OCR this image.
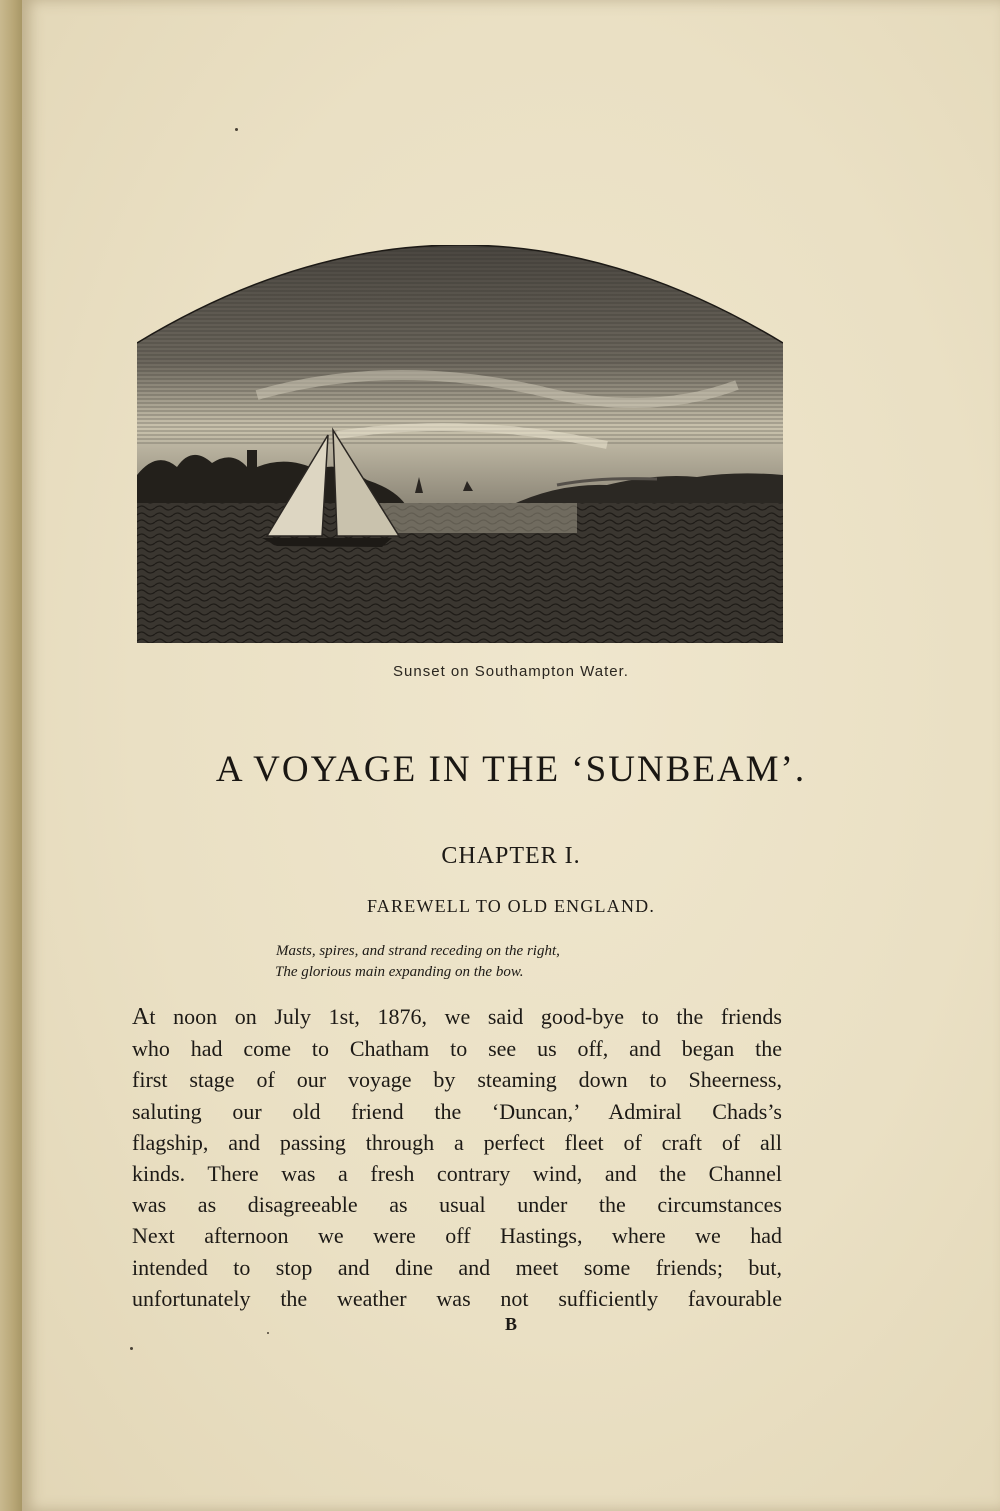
Sunset on Southampton Water.
A VOYAGE IN THE ‘SUNBEAM’.
CHAPTER I.
FAREWELL TO OLD ENGLAND.
Masts, spires, and strand receding on the right,
The glorious main expanding on the bow.
At noon on July 1st, 1876, we said good-bye to the friends
who had come to Chatham to see us off, and began the
first stage of our voyage by steaming down to Sheerness,
saluting our old friend the ‘Duncan,’ Admiral Chads’s
flagship, and passing through a perfect fleet of craft of all
kinds. There was a fresh contrary wind, and the Channel
was as disagreeable as usual under the circumstances
Next afternoon we were off Hastings, where we had
intended to stop and dine and meet some friends; but,
unfortunately the weather was not sufficiently favourable
B
